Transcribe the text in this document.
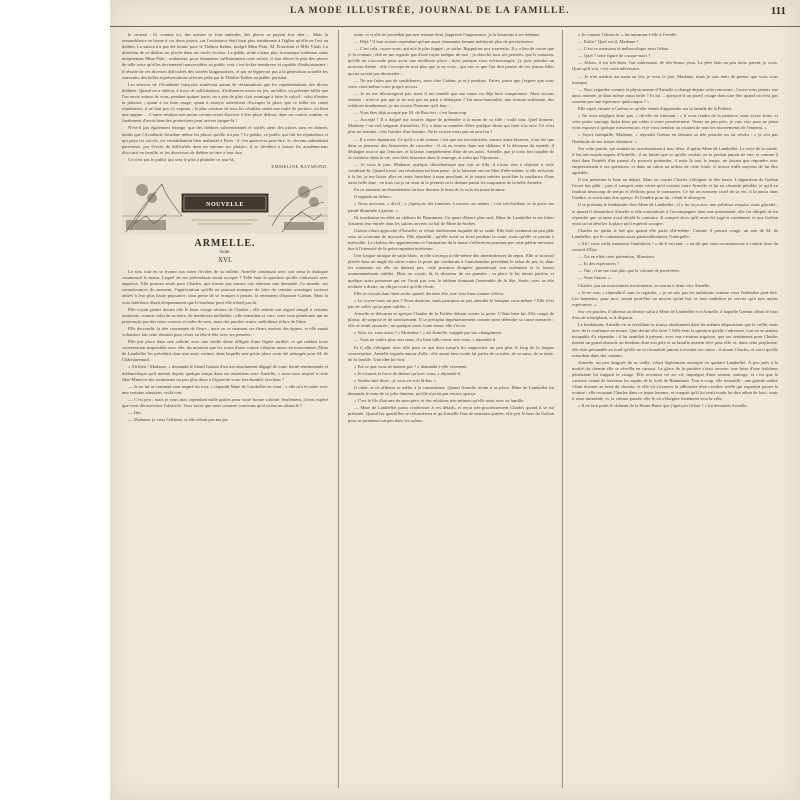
LA MODE ILLUSTRÉE, JOURNAL DE LA FAMILLE.	111

le croirait ; là, comme ici, des artistes se font entendre, des places se payent fort cher…. Mais la ressemblance se borne à ces deux points, car l'assistance était bien plus nombreuse à l'église qu'elle ne l'est au théâtre. La saison n'a pas été bonne pour le Théâtre-Italien, malgré Mme Patti, M. Franchini et Mlle Vitali. La direction de ce théâtre est placée dans un cercle vicieux. Le public riche n'aime plus la musique italienne, mais uniquement Mme Patti ; seulement, pour rémunérer suffisamment cette artiste, il faut élever le prix des places de telle sorte qu'elles deviennent inaccessibles au public vrai, c'est-à-dire nombreux et capable d'enthousiasme ; il résulte de ces diverses difficultés des soirées languissantes, et qui ne légueront pas à la génération actuelle les souvenirs des belles représentations offertes jadis par le Théâtre-Italien au public parisien.

Les séances de l'Académie française soulèvent autant de réclamations que les représentations des divers théâtres. Quand on a obtenu, à force de sollicitations, d'influences mises en jeu, un billet, on présente billet que l'on envie autour de vous, pendant quinze jours, on a peu de plus clair avantage à faire le calcul : celui d'entrer la jalousie ; quant à en faire usage, quant à essayer naïvement d'occuper la place que ce billet est censé représenter, il ne faut pas s'y exposer ; la plus certaine de tous les résultats serait une foule de portiers, ou bien une angine…. L'autre résultat non moins certain serait d'arriver à être placé debout, dans un couloir sombre, et finalement d'avoir bien des protections pour arriver jusque-là !

N'est-il pas également étrange, que des théâtres subventionnés et tarifés aient des places sans en donner, tandis que l'Académie distribue même les places qu'elle n'a pas ? Le public, ce public qui fait les réputations et qui paye les succès, est véritablement bien maltraité à Paris ; il s'en apercevra peut-être, et, devenu subitement paresseux, par l'excès de difficultés dont on entoure ses plaisirs, il se décidera à laisser les académiciens discourir en famille, et les directeurs de théâtre se tirer à leur aise.

Ce n'est pas le public qui sera le plus à plaindre ce jour-là.

EMMELINE RAYMOND.
NOUVELLE
ARMELLE.
Suite.
XVI.

Le soir, tout en se livrant aux soins frivoles de sa toilette, Armelle continuait avec son cœur le dialogue commencé le matin. Lequel de ses prétendants serait accepté ? Telle était la question qu'elle s'adressait avec angoisse. Elle pouvait seule pour Charles, qui n'avait pas encore osé adresser une demande. Le monde, ses connaissances du moment, l'appréciation qu'elle ne pouvait manquer de faire de certains avantages sociaux attirés à leur plus haute puissance, sous peine de se tromper à jamais, la retenaient d'épouser Gaëtan. Mais la voix intérieure disait éloquemment que le bonheur pour elle n'était pas là.

Elle voyait parmi devant elle le beau visage sérieux de Charles ; elle sentait son regard rempli à certains moments, comme celui de sa mère, de tendresses ineffables ; elle entendait sa voix, cette voix pénétrante qui ne prononçait pas des mots sonores et vides de sens, mais des paroles vraies, mélodieux échos de l'âme.

Elle descendit, la tête couronnée de fleurs ; mais en ce moment ses fleurs avaient des épines, et elle aurait volontiers fait cette réunion pour rester en tête-à-tête avec ses pensées.

Elle prit place dans une calèche avec une vieille dame affligée d'une légère surdité, ce qui rendait toute conversation impossible avec elle, du moment que les roues d'une voiture s'étaient mises en mouvement. Mme de Lambellet les précédait dans une autre voiture, dans laquelle une petite place avait été ménagée pour M. de Châteaurenard.

« Ah bien ! Madame, » demanda le blond Gaëtan d'un ton absolument dégagé de toute feinte sentimentale et mélancolique qu'il mettait depuis quelque temps dans ses entretiens avec Armelle, « avez-vous inspiré à cette fière Minerve des sentiments un peu plus doux à l'égard de votre très-humble serviteur ?

— Je ne lui ai vraiment rien inspiré du tout, » répondit Mme de Lambellet en riant ; « elle m'a écoutée avec une certaine attention, voilà tout.

— C'est peu ; mais je vous dois cependant mille grâces pour votre bonne volonté. Seulement, j'avais espéré que vous découvririez l'obstacle. Vous savez que nous sommes convenus qu'il existe un obstacle ?

— Oui.

— Madame, je vous l'affirme, si elle n'était pas ma pa-

rente, et si elle ne possédait pas une fortune dont j'apprécie l'importance, je la laisserais à ses dédains.

— Déjà ! Il faut avouer cependant qu'une aussi charmante femme mériterait plus de persévérance.

— C'est cela, voyez-vous, qui m'a le plus frappé ; je sache. Rappelons nos souvenirs. Il y a lieu de croire que je la connais ; elle ne me regarde pas d'une façon indigne de moi ; je cherche tous ses pensées, que le ruisseau, qu'elle ne s'accoude pour avoir une meilleure place ; mais puisque vous m'encouragez, j'y puis prendre un nouveau thème : elle s'occupe de moi plus que je ne crois ; qui sait ce que l'on doit penser de ces jeunes filles qui ne savent pas dissimuler…

— Ne me faites pas de confidences, mon cher Gaëtan, je m'y perdrais. Faites, parce que j'espère que vous serez vous-même votre propre avocat.

— Je ne me découragerai pas, mais il me semble que ma cause est déjà bien compromise. Mais soyons sérieux ; n'est-ce pas que je ne suis pas un parti à dédaigner ? Un nom honorable, une fortune suffisante, des relations nombreuses, je me trouve l'homme qu'il faut…

— Vous êtes déjà accepté par M. de Boisfort ; c'est beaucoup.

— Accepté ! Il a daigné me trouver digne de prétendre à la main de sa fille ; voilà tout. Quel homme, Madame ! un vrai seigneur d'autrefois. Il y a dans sa manière d'être quelque chose qui tient à la race. Ce n'est plus un homme, c'est l'ombre d'un homme. Ne le croyez-vous pas un peu fou ?

— Il a cette réputation. Ce qu'il y a de certain, c'est que ses excentricités, encore assez bizarres, n'ont été que dans sa jeunesse des bizarreries de caractère ; il vit en ermite dans son château, il la détourne du monde, il dédaigne tout ce qui l'entoure, et la laisse complètement libre de ses actes. Armelle, que je crois fort capable de se conduire dans la vie, sera bien heureuse dans le mariage, et celui qui l'épousera…

— Je vous le jure, Madame, quelque chevaleresque que soit sa fille, il n'aura rien à objecter à cette condition-là. Quand à moi, ma résolution est bien prise : je la laisserai encore libre d'elle-même, si elle m'écoute à la fin, je me laisse aller en toute franchise à mon penchant, et je saurai mériter peut-être la confiance d'une aussi belle âme ; en tous cas je ne serai ni le premier ni le dernier parmi les soupirants de la belle Armelle.

En ce moment un ébranlement furieux domina le bruit de la voix du jeune homme.

Il regarda au dehors.

« Nous arrivons, » dit-il ; « j'aperçois des lumières à travers ces arbres ; c'est très-brillant, et la porte me paraît illuminée à giorno. »

Ils touchaient en effet au château de Biammont. Un quart d'heure plus tard, Mme de Lambellet et ses hôtes faisaient leur entrée dans les salons ouverts au bal de Mme de Sorbes.

Gaëtan s'était approché d'Armelle, et s'était tendrement inquiété de sa santé. Elle était vraiment un peu pâle sous sa couronne de myosotis. Elle répondit : qu'elle avait eu froid pendant la route, mais qu'elle se portait à merveille. La chaleur des appartements et l'animation de la danse s'effacèrent pourtant pas cette pâleur nerveuse due à l'intensité de la préoccupation intérieure.

Une longue tunique de satin blanc, et elle s'avança à elle-même des intermittences de repos. Elle se trouvait placée dans un angle du salon contre la porte qui conduisait à l'antichambre précédant le salon de jeu, et, dans les moments où elle ne dansait pas, cette position éloignée garantissait son isolement et la faisait momentanément oublier. Mais on voyait, là, le dictateur de ses pensées ; sa place le lui faisait parfois, et quelque autre personne qui ne l'avait pas vue, le tableau dominait l'ensemble de la fête. Seule, avec sa tête inclinée à droite, on eût pu croire qu'elle rêvait.

Elle se croyait donc bien seule, quand, derrière elle, une voix bien connue s'éleva.

« Le voyez-vous un peu ? Nous dansons, mais pourquoi ne pas attendre le bouquet vous-même ? Elle n'est pas de celles qu'on peut oublier. »

Armelle se détourna et aperçut Charles de la Folière debout contre la porte. C'était bien lui. Elle rougit de plaisir, de surprise et de saisissement. Il se précipita impétueusement comme pour défendre sa cause menacée ; elle se sentit rassurée ; un quelque sorte, toute émue, elle s'écria :

« Vous ici, vous aussi ? » Monsieur ! » dit Armelle, frappée par son changement.

— Vous ne voilez plus vers nous, il a bien fallu venir vers vous, » répondit-il.

Et il alla s'éloigner avec elle pour ce qui dura jusqu'à les rapprocher un peu plus le long de la longue conversation. Armelle regarda autour d'elle ; elle aurait bien voulu lui parler de sa mère, de sa sœur, de sa tante, de la famille. Une idée lui vint.

« Est-ce que vous ne dansez pas ? » demanda-t-elle vivement.

« Je n'aurais la force de danser qu'avec vous, » répondit-il.

« Voulez-moi donc ; je vous en vois là-bas. »

Il obéit, et ils allèrent se mêler à la contredanse. Quand Armelle revint à sa place, Mme de Lambellet lui demanda le nom de ce jolie danseur, qu'elle n'avait pas encore aperçu.

« C'est le fils d'un ami de mon père, et des relations très-intimes qu'elle avait avec sa famille.

— Mme de Lambellet parut s'intéresser à ces détails, et reçut très-gracieusement Charles quand il se fut présenté. Quand les quadrilles se reformèrent et qu'Armelle l'eut de nouveau quittée, elle prit le bras de Gaëtan pour se promener un peu dans les salons.

« Je connais l'obstacle, » lui murmura-t-elle à l'oreille.

— Enfin ! Quel est-il, Madame ?

— C'est ce monsieur si mélancolique assis là-bas.

— Quel ? cette figure de croque-mort ?

— Allons, il est très-bien, l'air intéressant, de très-beaux yeux. Le père était un peu notre parent, je crois. Quoi qu'il soit, c'est votre adversaire.

— Je n'en mettrai ma main au feu, je vous le jure, Madame, mais je vais tenir de penser que vous vous trompez.

— Non, regardez comme la physionomie d'Armelle a changé depuis cette rencontre ; l'avez-vous jamais vue aussi animée, je dirai même aussi belle ? Et lui… aperçoit-il un pareil visage dans une fête quand on n'est pas soutenu par une espérance quelconque ? »

Elle reprit ensuite à Gaëtan ce qu'elle venait d'apprendre sur la famille de la Folière.

« Ne vous négligez donc pas, » dit-elle en finissant ; « il vous faudra de la patience, mais soyez franc, et cette petite sauvage finira bien par céder à votre persévérance. Venez un peu près, je vais voir pour ne point vous exposer à quelque mésaventure, et je vous tiendrai au courant de tous les mouvements de l'ennemi. »

« Soyez tranquille, Madame, » répondit Gaëtan en laissant sa tête prendre un air résolu ; « je n'ai pas l'habitude de me laisser distancer. »

Sur cette parole, qui sonnait un avertissement à tous deux, il quitta Mme de Lambellet. Le reste de la soirée, il fut très-assidu auprès d'Armelle ; il ne faisait que ce qu'elle voulait, ne la perdait jamais de vue, et comme il était dans l'intérêt d'un parent d'y pouvoir prétendre, il resta là tout le temps, ne faisant que répondre avec empressement à ses questions, et dans un salon au milieu de cette foule, il trouva mille moyens de lui être agréable.

Il sut présenter le bras au départ. Mais on voyait Charles s'éloigner la tête basse. L'apparition de Gaëtan l'avait fait pâlir ; puis il comprit cette vérité qu'il existait entre Armelle et lui un obstacle pénible, et qu'il en faudrait beaucoup de temps et d'efforts pour le surmonter. Ce fut un moment cruel de sa vie, il la passa dans l'ombre, et sortit sans être aperçu. Et l'ombre pour lui, c'était le désespoir.

Il se présenta le lendemain chez Mme de Lambellet ; il y fut reçu avec une politesse exquise, mais glaciale ; et quand il demanda à Armelle si elle consentirait à l'accompagner dans une promenade, elle fut obligée de lui répondre que sa tante avait décidé le contraire. Il comprit alors qu'il avait été jugé et condamné, et que Gaëtan avait su lui dérober la place qu'il espérait occuper.

Charles ne quitta le bal que quand elle partit elle-même. Comme il prenait congé, un ami de M. de Lambellet, qui le connaissait assez particulièrement, l'interpella :

« Ah ! vous voilà, monsieur l'ambitieux ! » dit-il en riant ; « on dit que vous recommencez à vouloir faire du conseil d'État.

— J'ai en effet cette prétention, Monsieur.

— Et des espérances ?

— Oui ; il ne me faut plus que la volonté de persévérer.

— Vous l'aurez. »

Charles, par un mouvement involontaire, se tourna à demi vers Armelle.

« Je ne sais, » répondit-il sans la regarder, « je ne sais pas les ambitions comme vous l'entendez peut-être. Les honneurs, pour moi, seront peut-être un moyen qu'un but, et mon ambition ne servira qu'à mes autres espérances. »

Sur ces paroles, il adressa un dernier salut à Mme de Lambellet et à Armelle, à laquelle Gaëtan offrait le bras d'un air triomphant, et il disparut.

Le lendemain, Armelle en se réveillant se trouva absolument dans les mêmes dispositions que la veille, mais avec de la confiance en moins. Que devait-elle faire ? Telle était la question qu'elle s'adressait, tout en se sentant incapable d'y répondre ; il lui semblait à présent, avec une certaine angoisse, que ses sentiments pour Charles étaient un grand obstacle au bonheur dont son père et sa famille avaient rêvé pour elle, et, dans cette perplexité, elle était persuadée au fond qu'elle ne se résoudrait jamais à écouter ses vœux ; il aimait Charles, et voici qu'elle retombait dans des craintes.

Armelle, un peu fatiguée de sa veille, s'était légèrement assoupie en quittant Lambellet. A peu près à la moitié du chemin elle se réveilla en sursaut. La glace de la portière s'était ouverte, une brise d'une fraîcheur pénétrante lui frappait le visage. Elle reconnut cet air vif, imprégné d'une senteur sauvage, et c'est que le carrosse venait de traverser les sapins de la forêt de Biammont. Tout à coup, elle tressaillit : une grande ombre s'était dressée au bord du chemin, et elle vit s'avancer la silhouette d'un cavalier arrêté qui regardait passer la voiture ; elle reconnut Charles dans ce jeune homme, et comprit qu'il lui avait voulu lui dire adieu de loin ; mais il resta immobile, et, la voiture passée, elle le vit s'éloigner lentement vers la ville.

« Il ne faut point le château de la Haute-Butte que j'aperçois là-bas ? » lui demanda Armelle.
